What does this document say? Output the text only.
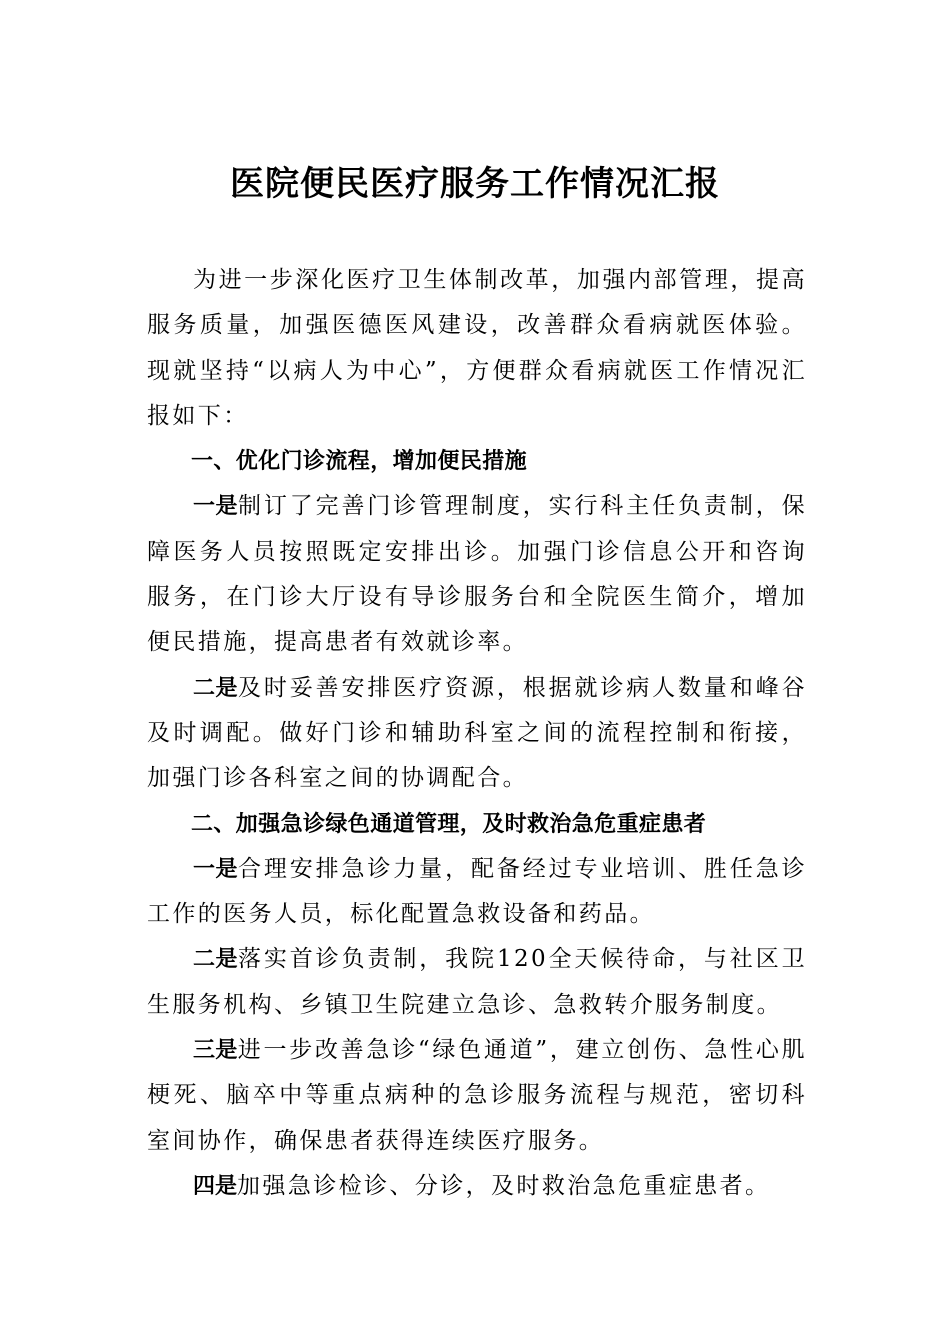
医院便民医疗服务工作情况汇报

为进一步深化医疗卫生体制改革，加强内部管理，提高服务质量，加强医德医风建设，改善群众看病就医体验。现就坚持“以病人为中心”，方便群众看病就医工作情况汇报如下：

一、优化门诊流程，增加便民措施

一是制订了完善门诊管理制度，实行科主任负责制，保障医务人员按照既定安排出诊。加强门诊信息公开和咨询服务，在门诊大厅设有导诊服务台和全院医生简介，增加便民措施，提高患者有效就诊率。

二是及时妥善安排医疗资源，根据就诊病人数量和峰谷及时调配。做好门诊和辅助科室之间的流程控制和衔接，加强门诊各科室之间的协调配合。

二、加强急诊绿色通道管理，及时救治急危重症患者

一是合理安排急诊力量，配备经过专业培训、胜任急诊工作的医务人员，标化配置急救设备和药品。

二是落实首诊负责制，我院120全天候待命，与社区卫生服务机构、乡镇卫生院建立急诊、急救转介服务制度。

三是进一步改善急诊“绿色通道”，建立创伤、急性心肌梗死、脑卒中等重点病种的急诊服务流程与规范，密切科室间协作，确保患者获得连续医疗服务。

四是加强急诊检诊、分诊，及时救治急危重症患者。
